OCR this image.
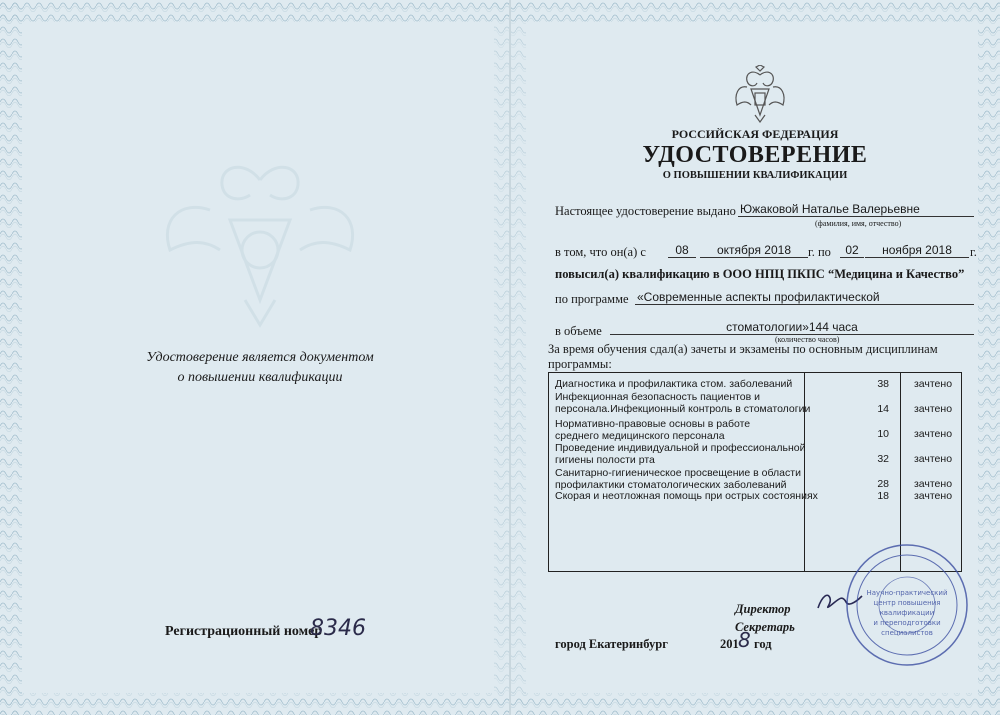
Удостоверение является документом
о повышении квалификации
Регистрационный номер
8346
РОССИЙСКАЯ ФЕДЕРАЦИЯ
УДОСТОВЕРЕНИЕ
О ПОВЫШЕНИИ КВАЛИФИКАЦИИ
Настоящее удостоверение выдано Южаковой Наталье Валерьевне
(фамилия, имя, отчество)
в том, что он(а) с	08	октября 2018	г. по	02	ноября 2018	г.
повысил(а) квалификацию в ООО НПЦ ПКПС “Медицина и Качество”
по программе «Современные аспекты профилактической
в объеме	стоматологии»144 часа
(количество часов)
За время обучения сдал(а) зачеты и экзамены по основным дисциплинам
программы:
Диагностика и профилактика стом. заболеваний	38	зачтено
Инфекционная безопасность пациентов и персонала.Инфекционный контроль в стоматологии	14	зачтено
Нормативно-правовые основы в работе среднего медицинского персонала	10	зачтено
Проведение индивидуальной и профессиональной гигиены полости рта	32	зачтено
Санитарно-гигиеническое просвещение в области профилактики стоматологических заболеваний	28	зачтено
Скорая и неотложная помощь при острых состояниях	18	зачтено
Директор
Секретарь
Научно-практический
центр повышения
квалификации
и переподготовки
специалистов
город Екатеринбург	201 8 год
